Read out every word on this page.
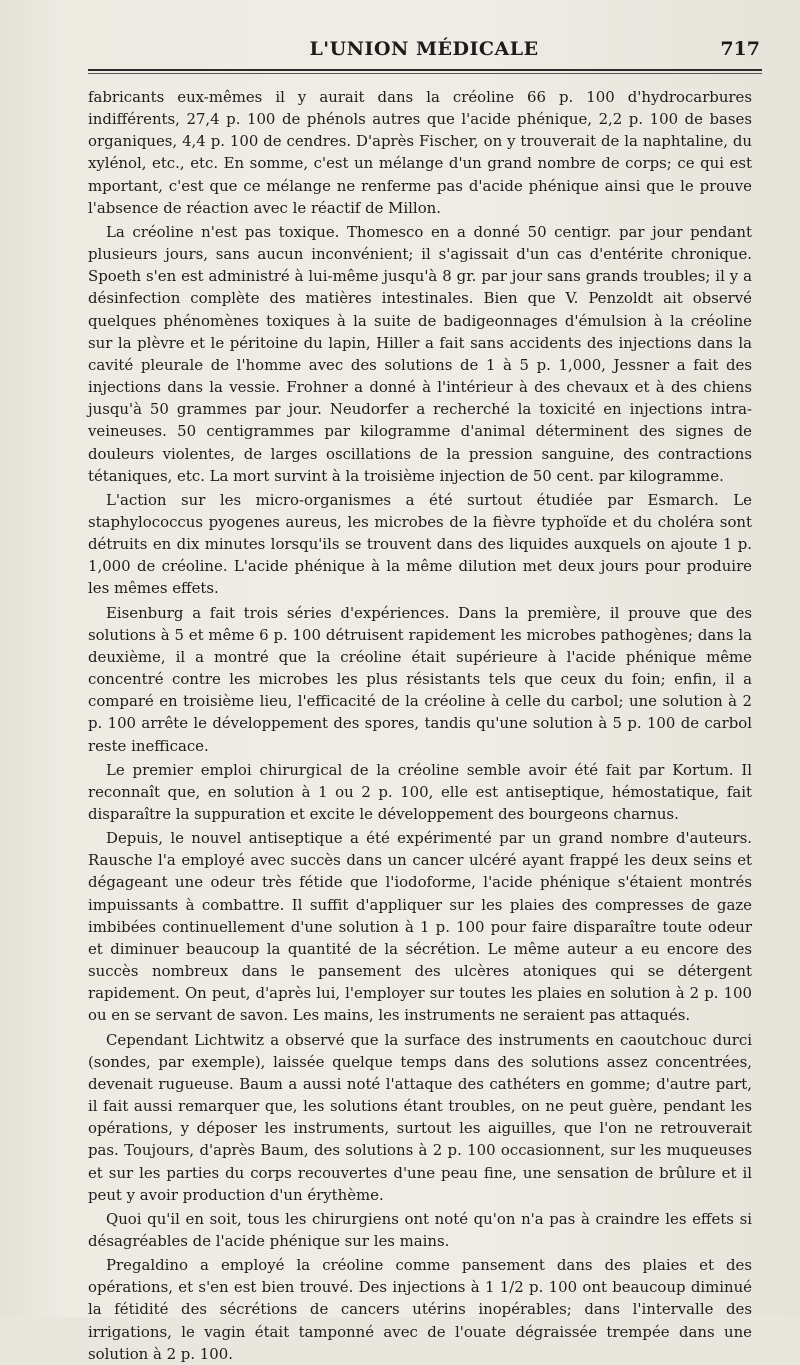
L'UNION MÉDICALE	717

fabricants eux-mêmes il y aurait dans la créoline 66 p. 100 d'hydrocarbures indifférents, 27,4 p. 100 de phénols autres que l'acide phénique, 2,2 p. 100 de bases organiques, 4,4 p. 100 de cendres. D'après Fischer, on y trouverait de la naphtaline, du xylénol, etc., etc. En somme, c'est un mélange d'un grand nombre de corps; ce qui est mportant, c'est que ce mélange ne renferme pas d'acide phénique ainsi que le prouve l'absence de réaction avec le réactif de Millon.

La créoline n'est pas toxique. Thomesco en a donné 50 centigr. par jour pendant plusieurs jours, sans aucun inconvénient; il s'agissait d'un cas d'entérite chronique. Spoeth s'en est administré à lui-même jusqu'à 8 gr. par jour sans grands troubles; il y a désinfection complète des matières intestinales. Bien que V. Penzoldt ait observé quelques phénomènes toxiques à la suite de badigeonnages d'émulsion à la créoline sur la plèvre et le péritoine du lapin, Hiller a fait sans accidents des injections dans la cavité pleurale de l'homme avec des solutions de 1 à 5 p. 1,000, Jessner a fait des injections dans la vessie. Frohner a donné à l'intérieur à des chevaux et à des chiens jusqu'à 50 grammes par jour. Neudorfer a recherché la toxicité en injections intra-veineuses. 50 centigrammes par kilogramme d'animal déterminent des signes de douleurs violentes, de larges oscillations de la pression sanguine, des contractions tétaniques, etc. La mort survint à la troisième injection de 50 cent. par kilogramme.

L'action sur les micro-organismes a été surtout étudiée par Esmarch. Le staphylococcus pyogenes aureus, les microbes de la fièvre typhoïde et du choléra sont détruits en dix minutes lorsqu'ils se trouvent dans des liquides auxquels on ajoute 1 p. 1,000 de créoline. L'acide phénique à la même dilution met deux jours pour produire les mêmes effets.

Eisenburg a fait trois séries d'expériences. Dans la première, il prouve que des solutions à 5 et même 6 p. 100 détruisent rapidement les microbes pathogènes; dans la deuxième, il a montré que la créoline était supérieure à l'acide phénique même concentré contre les microbes les plus résistants tels que ceux du foin; enfin, il a comparé en troisième lieu, l'efficacité de la créoline à celle du carbol; une solution à 2 p. 100 arrête le développement des spores, tandis qu'une solution à 5 p. 100 de carbol reste inefficace.

Le premier emploi chirurgical de la créoline semble avoir été fait par Kortum. Il reconnaît que, en solution à 1 ou 2 p. 100, elle est antiseptique, hémostatique, fait disparaître la suppuration et excite le développement des bourgeons charnus.

Depuis, le nouvel antiseptique a été expérimenté par un grand nombre d'auteurs. Rausche l'a employé avec succès dans un cancer ulcéré ayant frappé les deux seins et dégageant une odeur très fétide que l'iodoforme, l'acide phénique s'étaient montrés impuissants à combattre. Il suffit d'appliquer sur les plaies des compresses de gaze imbibées continuellement d'une solution à 1 p. 100 pour faire disparaître toute odeur et diminuer beaucoup la quantité de la sécrétion. Le même auteur a eu encore des succès nombreux dans le pansement des ulcères atoniques qui se détergent rapidement. On peut, d'après lui, l'employer sur toutes les plaies en solution à 2 p. 100 ou en se servant de savon. Les mains, les instruments ne seraient pas attaqués.

Cependant Lichtwitz a observé que la surface des instruments en caoutchouc durci (sondes, par exemple), laissée quelque temps dans des solutions assez concentrées, devenait rugueuse. Baum a aussi noté l'attaque des cathéters en gomme; d'autre part, il fait aussi remarquer que, les solutions étant troubles, on ne peut guère, pendant les opérations, y déposer les instruments, surtout les aiguilles, que l'on ne retrouverait pas. Toujours, d'après Baum, des solutions à 2 p. 100 occasionnent, sur les muqueuses et sur les parties du corps recouvertes d'une peau fine, une sensation de brûlure et il peut y avoir production d'un érythème.

Quoi qu'il en soit, tous les chirurgiens ont noté qu'on n'a pas à craindre les effets si désagréables de l'acide phénique sur les mains.

Pregaldino a employé la créoline comme pansement dans des plaies et des opérations, et s'en est bien trouvé. Des injections à 1 1/2 p. 100 ont beaucoup diminué la fétidité des sécrétions de cancers utérins inopérables; dans l'intervalle des irrigations, le vagin était tamponné avec de l'ouate dégraissée trempée dans une solution à 2 p. 100.
